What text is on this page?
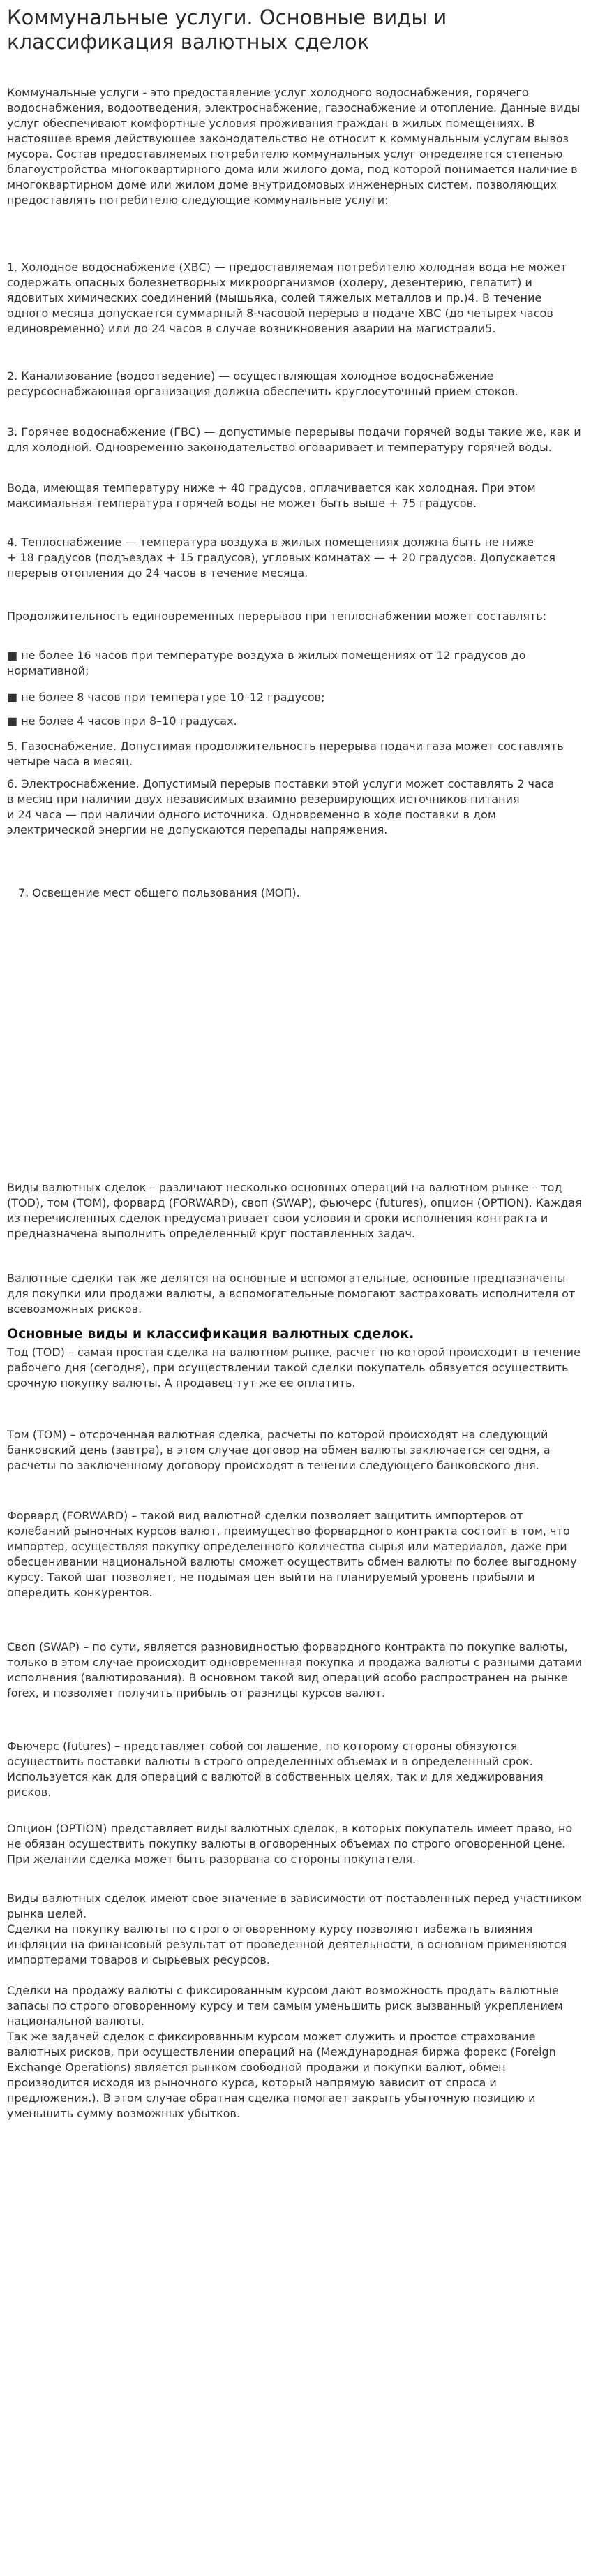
Коммунальные услуги. Основные виды и классификация валютных сделок

Коммунальные услуги - это предоставление услуг холодного водоснабжения, горячего водоснабжения, водоотведения, электроснабжение, газоснабжение и отопление. Данные виды услуг обеспечивают комфортные условия проживания граждан в жилых помещениях. В настоящее время действующее законодательство не относит к коммунальным услугам вывоз мусора. Состав предоставляемых потребителю коммунальных услуг определяется степенью благоустройства многоквартирного дома или жилого дома, под которой понимается наличие в многоквартирном доме или жилом доме внутридомовых инженерных систем, позволяющих предоставлять потребителю следующие коммунальные услуги:

1. Холодное водоснабжение (ХВС) — предоставляемая потребителю холодная вода не может содержать опасных болезнетворных микроорганизмов (холеру, дезентерию, гепатит) и ядовитых химических соединений (мышьяка, солей тяжелых металлов и пр.)4. В течение одного месяца допускается суммарный 8-часовой перерыв в подаче ХВС (до четырех часов единовременно) или до 24 часов в случае возникновения аварии на магистрали5.

2. Канализование (водоотведение) — осуществляющая холодное водоснабжение ресурсоснабжающая организация должна обеспечить круглосуточный прием стоков.

3. Горячее водоснабжение (ГВС) — допустимые перерывы подачи горячей воды такие же, как и для холодной. Одновременно законодательство оговаривает и температуру горячей воды.

Вода, имеющая температуру ниже + 40 градусов, оплачивается как холодная. При этом максимальная температура горячей воды не может быть выше + 75 градусов.

4. Теплоснабжение — температура воздуха в жилых помещениях должна быть не ниже
+ 18 градусов (подъездах + 15 градусов), угловых комнатах — + 20 градусов. Допускается перерыв отопления до 24 часов в течение месяца.

Продолжительность единовременных перерывов при теплоснабжении может составлять:

■ не более 16 часов при температуре воздуха в жилых помещениях от 12 градусов до нормативной;

■ не более 8 часов при температуре 10–12 градусов;

■ не более 4 часов при 8–10 градусах.

5. Газоснабжение. Допустимая продолжительность перерыва подачи газа может составлять четыре часа в месяц.

6. Электроснабжение. Допустимый перерыв поставки этой услуги может составлять 2 часа
в месяц при наличии двух независимых взаимно резервирующих источников питания
и 24 часа — при наличии одного источника. Одновременно в ходе поставки в дом электрической энергии не допускаются перепады напряжения.

7. Освещение мест общего пользования (МОП).

Виды валютных сделок – различают несколько основных операций на валютном рынке – тод (TOD), том (TOM), форвард (FORWARD), своп (SWAP), фьючерс (futures), опцион (OPTION). Каждая из перечисленных сделок предусматривает свои условия и сроки исполнения контракта и предназначена выполнить определенный круг поставленных задач.

Валютные сделки так же делятся на основные и вспомогательные, основные предназначены для покупки или продажи валюты, а вспомогательные помогают застраховать исполнителя от всевозможных рисков.

Основные виды и классификация валютных сделок.

Тод (TOD) – самая простая сделка на валютном рынке, расчет по которой происходит в течение рабочего дня (сегодня), при осуществлении такой сделки покупатель обязуется осуществить срочную покупку валюты. А продавец тут же ее оплатить.

Том (TOM) – отсроченная валютная сделка, расчеты по которой происходят на следующий банковский день (завтра), в этом случае договор на обмен валюты заключается сегодня, а расчеты по заключенному договору происходят в течении следующего банковского дня.

Форвард (FORWARD) – такой вид валютной сделки позволяет защитить импортеров от колебаний рыночных курсов валют, преимущество форвардного контракта состоит в том, что импортер, осуществляя покупку определенного количества сырья или материалов, даже при обесценивании национальной валюты сможет осуществить обмен валюты по более выгодному курсу. Такой шаг позволяет, не подымая цен выйти на планируемый уровень прибыли и опередить конкурентов.

Своп (SWAP) – по сути, является разновидностью форвардного контракта по покупке валюты, только в этом случае происходит одновременная покупка и продажа валюты с разными датами исполнения (валютирования). В основном такой вид операций особо распространен на рынке forex, и позволяет получить прибыль от разницы курсов валют.

Фьючерс (futures) – представляет собой соглашение, по которому стороны обязуются осуществить поставки валюты в строго определенных объемах и в определенный срок. Используется как для операций с валютой в собственных целях, так и для хеджирования рисков.

Опцион (OPTION) представляет виды валютных сделок, в которых покупатель имеет право, но не обязан осуществить покупку валюты в оговоренных объемах по строго оговоренной цене. При желании сделка может быть разорвана со стороны покупателя.

Виды валютных сделок имеют свое значение в зависимости от поставленных перед участником рынка целей.
Сделки на покупку валюты по строго оговоренному курсу позволяют избежать влияния инфляции на финансовый результат от проведенной деятельности, в основном применяются импортерами товаров и сырьевых ресурсов.

Сделки на продажу валюты с фиксированным курсом дают возможность продать валютные запасы по строго оговоренному курсу и тем самым уменьшить риск вызванный укреплением национальной валюты.
Так же задачей сделок с фиксированным курсом может служить и простое страхование валютных рисков, при осуществлении операций на (Международная биржа форекс (Foreign Exchange Operations) является рынком свободной продажи и покупки валют, обмен производится исходя из рыночного курса, который напрямую зависит от спроса и предложения.). В этом случае обратная сделка помогает закрыть убыточную позицию и уменьшить сумму возможных убытков.
